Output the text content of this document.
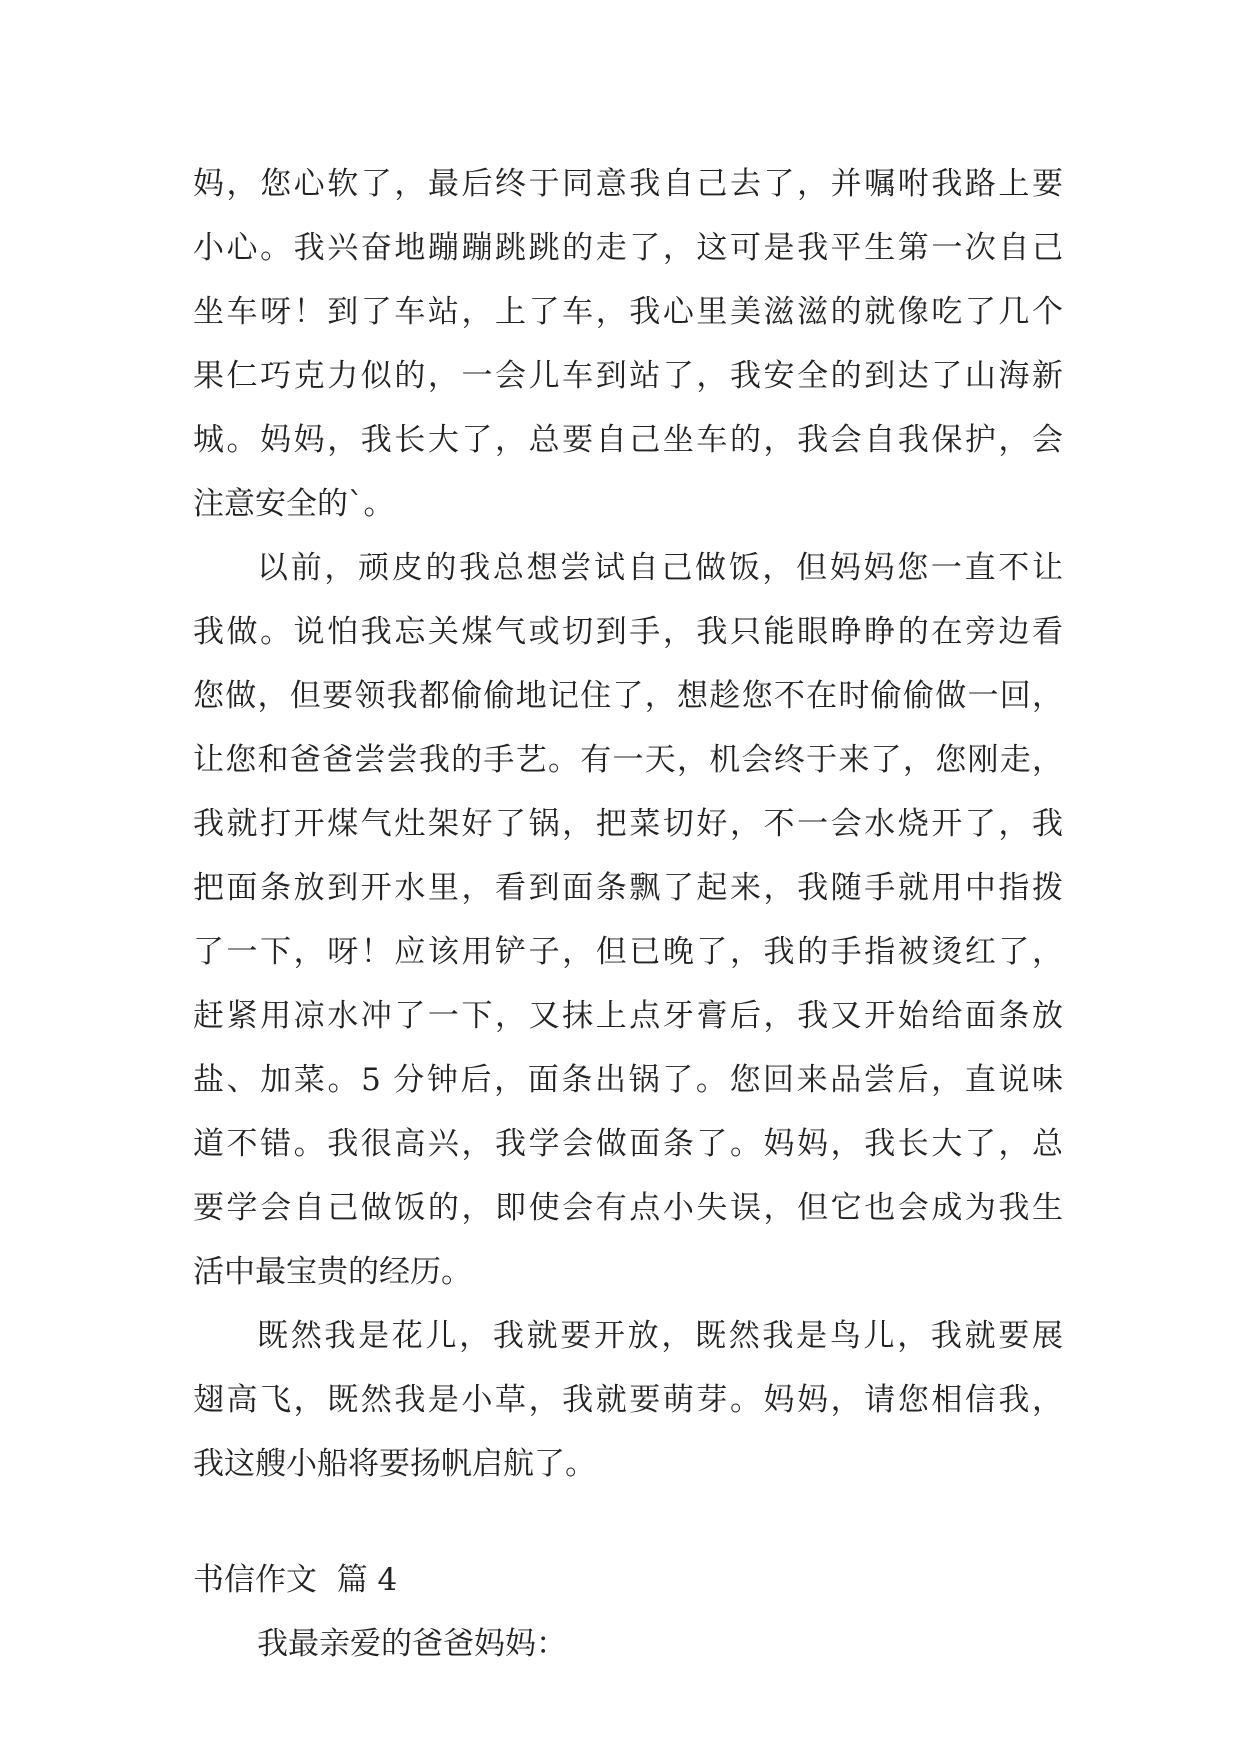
妈，您心软了，最后终于同意我自己去了，并嘱咐我路上要
小心。我兴奋地蹦蹦跳跳的走了，这可是我平生第一次自己
坐车呀！到了车站，上了车，我心里美滋滋的就像吃了几个
果仁巧克力似的，一会儿车到站了，我安全的到达了山海新
城。妈妈，我长大了，总要自己坐车的，我会自我保护，会
注意安全的`。
以前，顽皮的我总想尝试自己做饭，但妈妈您一直不让
我做。说怕我忘关煤气或切到手，我只能眼睁睁的在旁边看
您做，但要领我都偷偷地记住了，想趁您不在时偷偷做一回，
让您和爸爸尝尝我的手艺。有一天，机会终于来了，您刚走，
我就打开煤气灶架好了锅，把菜切好，不一会水烧开了，我
把面条放到开水里，看到面条飘了起来，我随手就用中指拨
了一下，呀！应该用铲子，但已晚了，我的手指被烫红了，
赶紧用凉水冲了一下，又抹上点牙膏后，我又开始给面条放
盐、加菜。5 分钟后，面条出锅了。您回来品尝后，直说味
道不错。我很高兴，我学会做面条了。妈妈，我长大了，总
要学会自己做饭的，即使会有点小失误，但它也会成为我生
活中最宝贵的经历。
既然我是花儿，我就要开放，既然我是鸟儿，我就要展
翅高飞，既然我是小草，我就要萌芽。妈妈，请您相信我，
我这艘小船将要扬帆启航了。
书信作文  篇 4
我最亲爱的爸爸妈妈：
